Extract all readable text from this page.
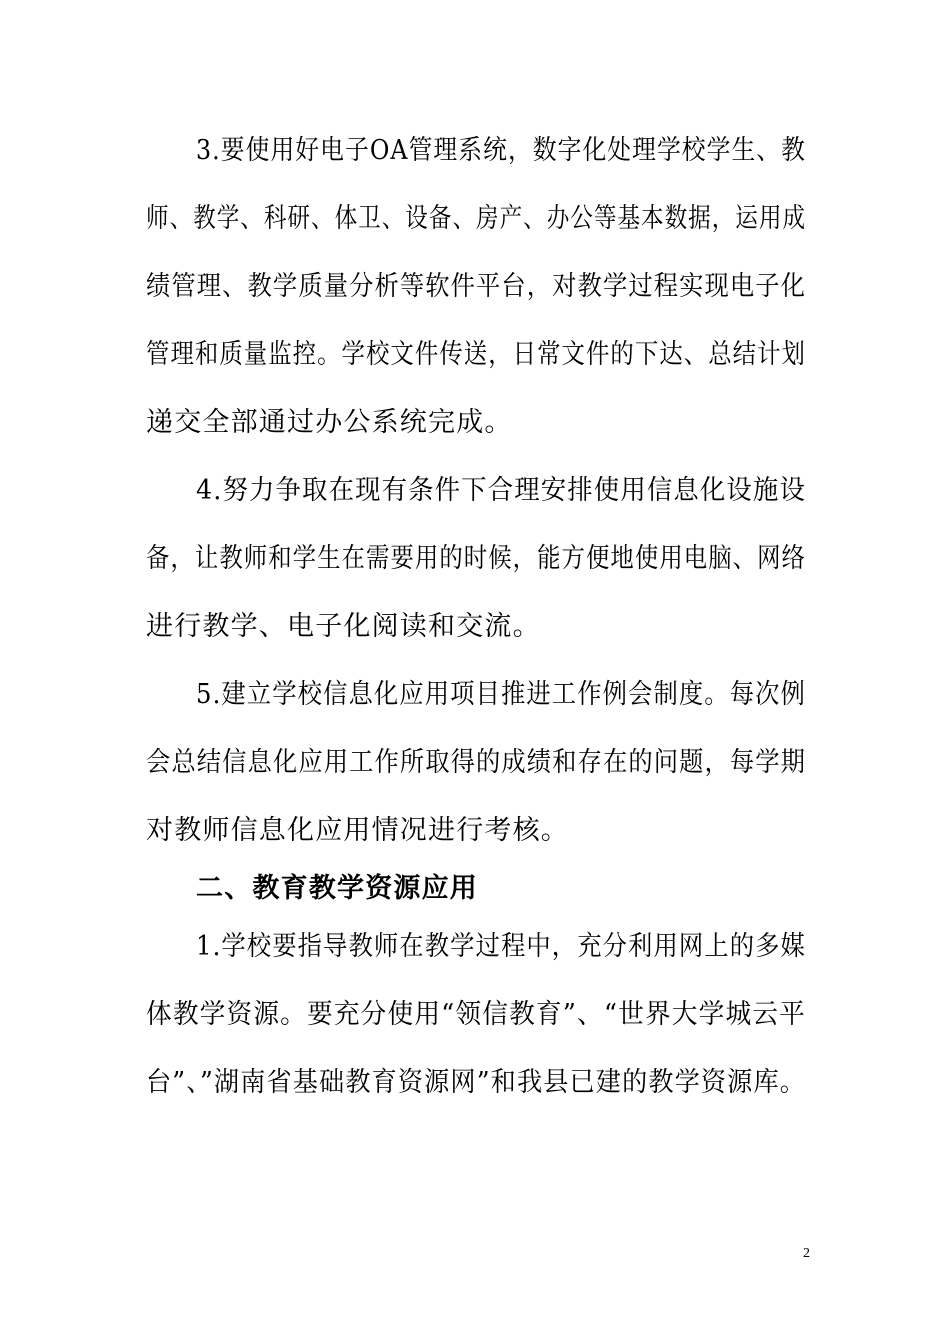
3.要使用好电子OA管理系统，数字化处理学校学生、教
师、教学、科研、体卫、设备、房产、办公等基本数据，运用成
绩管理、教学质量分析等软件平台，对教学过程实现电子化
管理和质量监控。学校文件传送，日常文件的下达、总结计划
递交全部通过办公系统完成。
4.努力争取在现有条件下合理安排使用信息化设施设
备，让教师和学生在需要用的时候，能方便地使用电脑、网络
进行教学、电子化阅读和交流。
5.建立学校信息化应用项目推进工作例会制度。每次例
会总结信息化应用工作所取得的成绩和存在的问题，每学期
对教师信息化应用情况进行考核。
二、教育教学资源应用
1.学校要指导教师在教学过程中，充分利用网上的多媒
体教学资源。要充分使用“领信教育”、“世界大学城云平
台”、”湖南省基础教育资源网”和我县已建的教学资源库。
2
